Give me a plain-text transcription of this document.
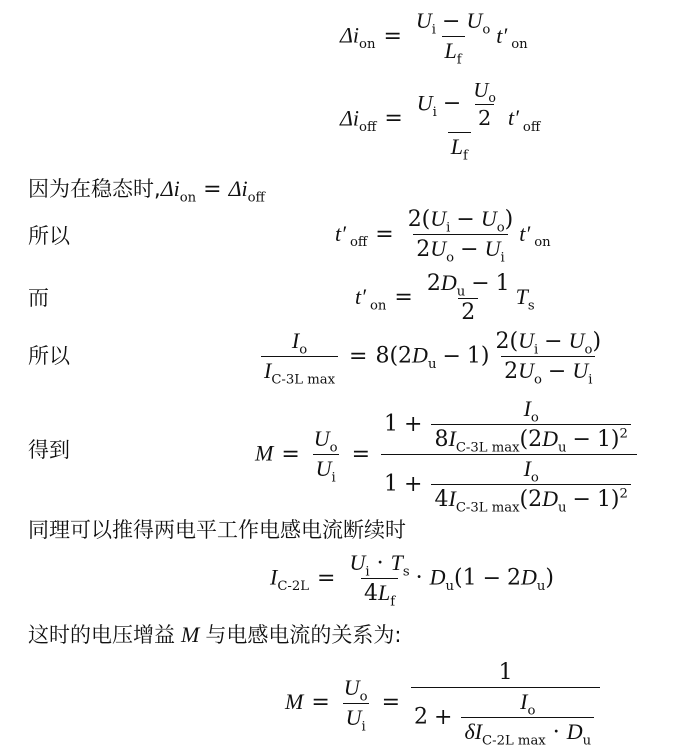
$\Delta i_{on} = \frac{U_i - U_o}{L_f} t'$ $_{on}$
$\Delta i_{off} = \frac{U_i - \frac{U_o}{2}}{L_f} t'$ $_{off}$
因为在稳态时$,\Delta i_{on} = \Delta i_{off}$
所以	t′ $_{off} = \frac{2(U_i - U_o)}{2U_o - U_i} t'$ $_{on}$
而	t′ $_{on} = \frac{2D_u - 1}{2} T_s$
所以	$\frac{I_o}{I_{C-3L max}} = 8(2D_u - 1) \frac{2(U_i - U_o)}{2U_o - U_i}$
得到	$M = \frac{U_o}{U_i} = \frac{1 + \frac{I_o}{8I_{C-3L max}(2D_u - 1)^2}}{1 + \frac{I_o}{4I_{C-3L max}(2D_u - 1)^2}}$
同理可以推得两电平工作电感电流断续时
$I_{C-2L} = \frac{U_i \cdot T_s}{4L_f} \cdot D_u(1 - 2D_u)$
这时的电压增益 M 与电感电流的关系为:
$M = \frac{U_o}{U_i} = \frac{1}{2 + \frac{I_o}{\delta I_{C-2L max} \cdot D_u}}$
